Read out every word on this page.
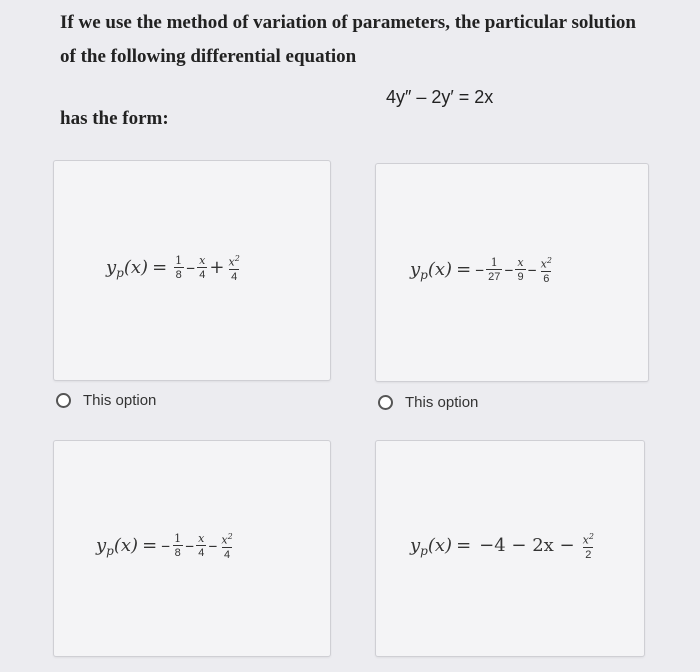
If we use the method of variation of parameters, the particular solution
of the following differential equation
4y″ – 2y′ = 2x
has the form:
y p $(x) = \frac{1}{8} - \frac{x}{4} + \frac{x^2}{4}$	y p (x) = – $\frac{1}{27} - \frac{x}{9} - \frac{x^2}{6}$
y p (x) = – $\frac{1}{8} - \frac{x}{4} - \frac{x^2}{4}$	y p $(x) = -4 - 2x - \frac{x^2}{2}$
This option	This option
